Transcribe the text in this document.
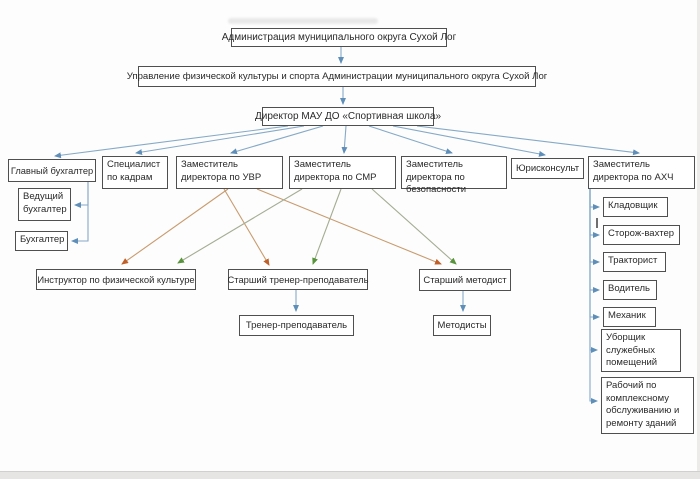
Администрация муниципального округа Сухой Лог
Управление физической культуры и спорта Администрации муниципального округа Сухой Лог
Директор МАУ ДО «Спортивная школа»
Главный бухгалтер
Специалист по кадрам
Заместитель директора по УВР
Заместитель директора по СМР
Заместитель директора по безопасности
Юрисконсульт	Заместитель директора по АХЧ
Ведущий бухгалтер
Бухгалтер
Инструктор по физической культуре	Старший тренер-преподаватель	Старший методист
Тренер-преподаватель	Методисты
Кладовщик
Сторож-вахтер
Тракторист
Водитель
Механик
Уборщик служебных помещений
Рабочий по комплексному обслуживанию и ремонту зданий
